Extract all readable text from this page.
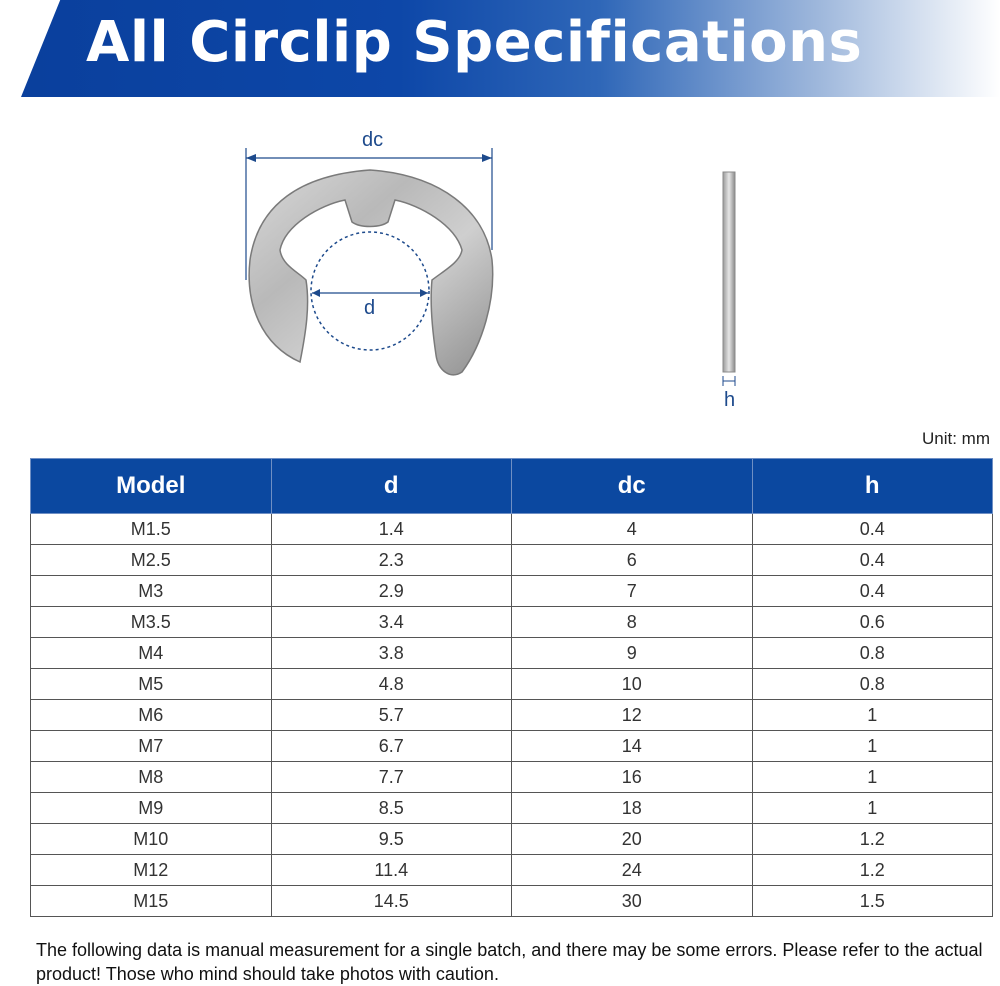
All Circlip Specifications
dc
d
h
Unit: mm
Model	d	dc	h
M1.5	1.4	4	0.4
M2.5	2.3	6	0.4
M3	2.9	7	0.4
M3.5	3.4	8	0.6
M4	3.8	9	0.8
M5	4.8	10	0.8
M6	5.7	12	1
M7	6.7	14	1
M8	7.7	16	1
M9	8.5	18	1
M10	9.5	20	1.2
M12	11.4	24	1.2
M15	14.5	30	1.5
The following data is manual measurement for a single batch, and there may be some errors. Please refer to the actual product! Those who mind should take photos with caution.
